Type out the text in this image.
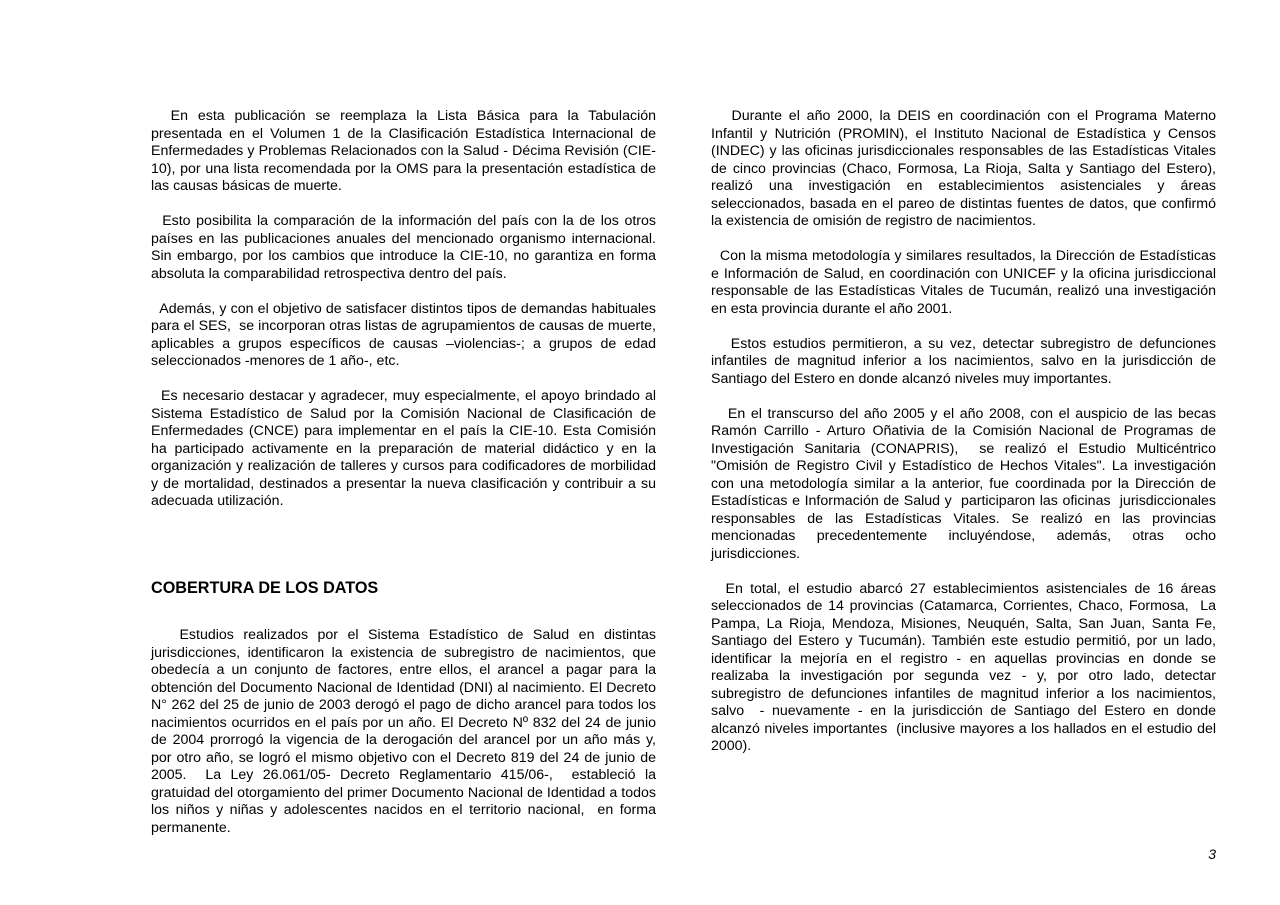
En esta publicación se reemplaza la Lista Básica para la Tabulación presentada en el Volumen 1 de la Clasificación Estadística Internacional de Enfermedades y Problemas Relacionados con la Salud - Décima Revisión (CIE-10), por una lista recomendada por la OMS para la presentación estadística de las causas básicas de muerte.

Esto posibilita la comparación de la información del país con la de los otros países en las publicaciones anuales del mencionado organismo internacional. Sin embargo, por los cambios que introduce la CIE-10, no garantiza en forma absoluta la comparabilidad retrospectiva dentro del país.

Además, y con el objetivo de satisfacer distintos tipos de demandas habituales para el SES,  se incorporan otras listas de agrupamientos de causas de muerte, aplicables a grupos específicos de causas –violencias-; a grupos de edad seleccionados -menores de 1 año-, etc.

Es necesario destacar y agradecer, muy especialmente, el apoyo brindado al Sistema Estadístico de Salud por la Comisión Nacional de Clasificación de Enfermedades (CNCE) para implementar en el país la CIE-10. Esta Comisión ha participado activamente en la preparación de material didáctico y en la organización y realización de talleres y cursos para codificadores de morbilidad y de mortalidad, destinados a presentar la nueva clasificación y contribuir a su adecuada utilización.

COBERTURA DE LOS DATOS

Estudios realizados por el Sistema Estadístico de Salud en distintas jurisdicciones, identificaron la existencia de subregistro de nacimientos, que obedecía a un conjunto de factores, entre ellos, el arancel a pagar para la obtención del Documento Nacional de Identidad (DNI) al nacimiento. El Decreto N° 262 del 25 de junio de 2003 derogó el pago de dicho arancel para todos los nacimientos ocurridos en el país por un año. El Decreto Nº 832 del 24 de junio de 2004 prorrogó la vigencia de la derogación del arancel por un año más y,  por otro año, se logró el mismo objetivo con el Decreto 819 del 24 de junio de 2005.  La Ley 26.061/05- Decreto Reglamentario 415/06-,  estableció la gratuidad del otorgamiento del primer Documento Nacional de Identidad a todos los niños y niñas y adolescentes nacidos en el territorio nacional,  en forma permanente.

Durante el año 2000, la DEIS en coordinación con el Programa Materno Infantil y Nutrición (PROMIN), el Instituto Nacional de Estadística y Censos (INDEC) y las oficinas jurisdiccionales responsables de las Estadísticas Vitales de cinco provincias (Chaco, Formosa, La Rioja, Salta y Santiago del Estero), realizó una investigación en establecimientos asistenciales y áreas seleccionados, basada en el pareo de distintas fuentes de datos, que confirmó la existencia de omisión de registro de nacimientos.

Con la misma metodología y similares resultados, la Dirección de Estadísticas e Información de Salud, en coordinación con UNICEF y la oficina jurisdiccional responsable de las Estadísticas Vitales de Tucumán, realizó una investigación en esta provincia durante el año 2001.

Estos estudios permitieron, a su vez, detectar subregistro de defunciones infantiles de magnitud inferior a los nacimientos, salvo en la jurisdicción de Santiago del Estero en donde alcanzó niveles muy importantes.

En el transcurso del año 2005 y el año 2008, con el auspicio de las becas Ramón Carrillo - Arturo Oñativia de la Comisión Nacional de Programas de Investigación Sanitaria (CONAPRIS),  se realizó el Estudio Multicéntrico "Omisión de Registro Civil y Estadístico de Hechos Vitales". La investigación con una metodología similar a la anterior, fue coordinada por la Dirección de Estadísticas e Información de Salud y  participaron las oficinas  jurisdiccionales responsables de las Estadísticas Vitales. Se realizó en las provincias mencionadas precedentemente incluyéndose, además, otras ocho jurisdicciones.

En total, el estudio abarcó 27 establecimientos asistenciales de 16 áreas seleccionados de 14 provincias (Catamarca, Corrientes, Chaco, Formosa,  La Pampa, La Rioja, Mendoza, Misiones, Neuquén, Salta, San Juan, Santa Fe, Santiago del Estero y Tucumán). También este estudio permitió, por un lado, identificar la mejoría en el registro - en aquellas provincias en donde se realizaba la investigación por segunda vez - y, por otro lado, detectar subregistro de defunciones infantiles de magnitud inferior a los nacimientos,  salvo  - nuevamente - en la jurisdicción de Santiago del Estero en donde alcanzó niveles importantes  (inclusive mayores a los hallados en el estudio del 2000).

3
